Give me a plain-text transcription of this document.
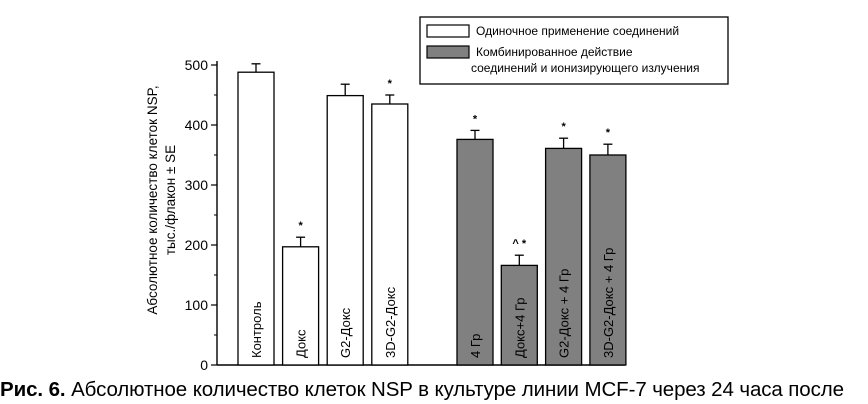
Абсолютное количество клеток NSP, тыс./флакон ± SE
0
100
200
300
400
500
Контроль
*
Докс G2-Докс
*
3D-G2-Докс
*
4 Гр
^ *
Докс+4 Гр
*
G2-Докс + 4 Гр
*
3D-G2-Докс + 4 Гр
Одиночное применение соединений
Комбинированное действие
соединений и ионизирующего излучения
Рис. 6. Абсолютное количество клеток NSP в культуре линии MCF-7 через 24 часа после
